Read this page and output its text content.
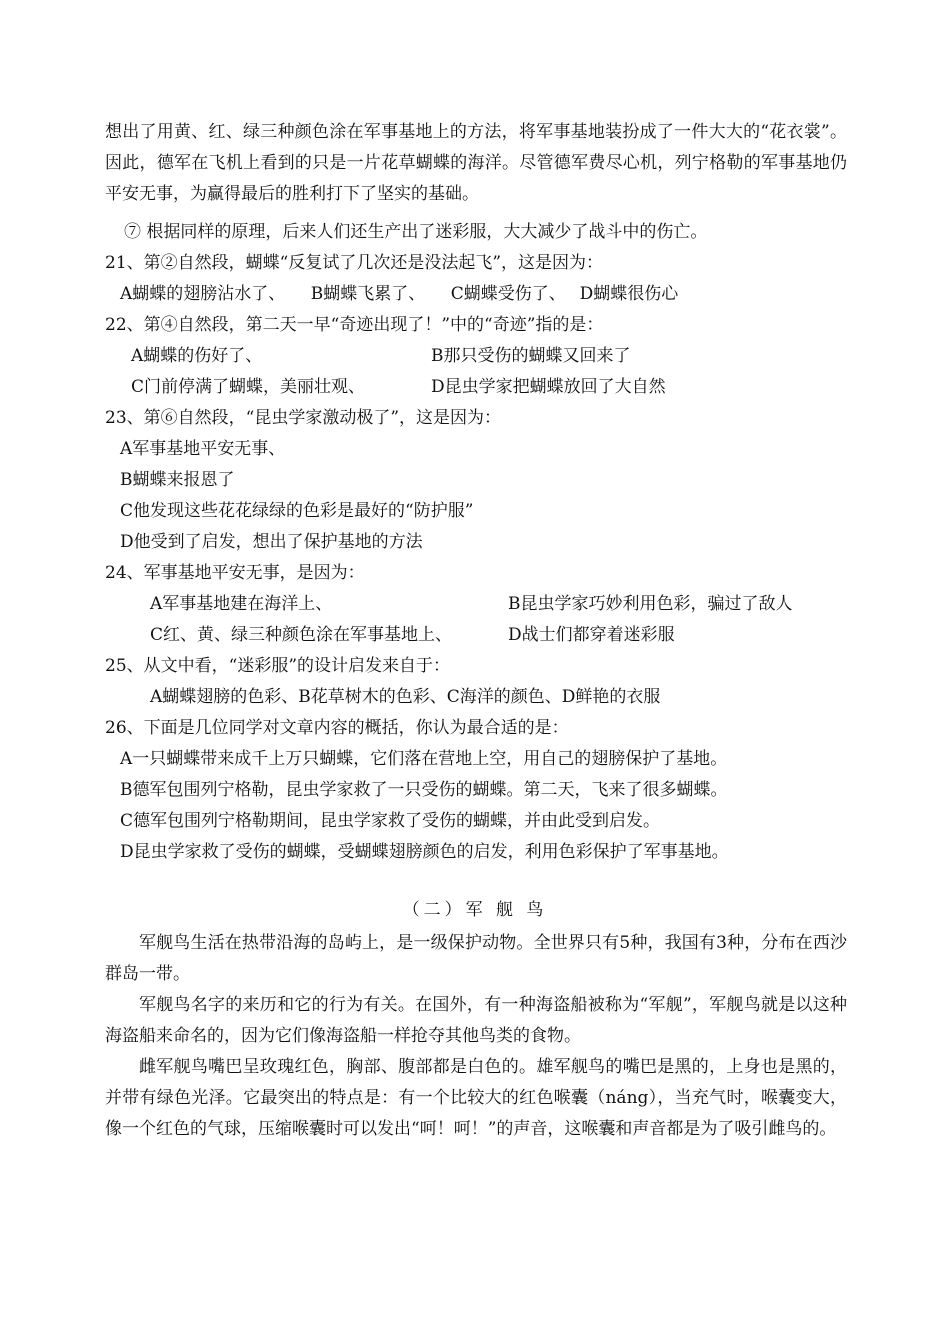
想出了用黄、红、绿三种颜色涂在军事基地上的方法，将军事基地装扮成了一件大大的“花衣裳”。因此，德军在飞机上看到的只是一片花草蝴蝶的海洋。尽管德军费尽心机，列宁格勒的军事基地仍平安无事，为赢得最后的胜利打下了坚实的基础。
⑦ 根据同样的原理，后来人们还生产出了迷彩服，大大减少了战斗中的伤亡。
21、第②自然段，蝴蝶“反复试了几次还是没法起飞”，这是因为：
A蝴蝶的翅膀沾水了、　　B蝴蝶飞累了、　　C蝴蝶受伤了、　 D蝴蝶很伤心
22、第④自然段，第二天一早“奇迹出现了！”中的“奇迹”指的是：
A蝴蝶的伤好了、	B那只受伤的蝴蝶又回来了
C门前停满了蝴蝶，美丽壮观、	D昆虫学家把蝴蝶放回了大自然
23、第⑥自然段，“昆虫学家激动极了”，这是因为：
A军事基地平安无事、
B蝴蝶来报恩了
C他发现这些花花绿绿的色彩是最好的“防护服”
D他受到了启发，想出了保护基地的方法
24、军事基地平安无事，是因为：
A军事基地建在海洋上、	B昆虫学家巧妙利用色彩，骗过了敌人
C红、黄、绿三种颜色涂在军事基地上、	D战士们都穿着迷彩服
25、从文中看，“迷彩服”的设计启发来自于：
A蝴蝶翅膀的色彩、B花草树木的色彩、C海洋的颜色、D鲜艳的衣服
26、下面是几位同学对文章内容的概括，你认为最合适的是：
A一只蝴蝶带来成千上万只蝴蝶，它们落在营地上空，用自己的翅膀保护了基地。
B德军包围列宁格勒，昆虫学家救了一只受伤的蝴蝶。第二天，飞来了很多蝴蝶。
C德军包围列宁格勒期间，昆虫学家救了受伤的蝴蝶，并由此受到启发。
D昆虫学家救了受伤的蝴蝶，受蝴蝶翅膀颜色的启发，利用色彩保护了军事基地。
（二）军 舰 鸟
军舰鸟生活在热带沿海的岛屿上，是一级保护动物。全世界只有5种，我国有3种，分布在西沙群岛一带。
军舰鸟名字的来历和它的行为有关。在国外，有一种海盗船被称为“军舰”，军舰鸟就是以这种海盗船来命名的，因为它们像海盗船一样抢夺其他鸟类的食物。
雌军舰鸟嘴巴呈玫瑰红色，胸部、腹部都是白色的。雄军舰鸟的嘴巴是黑的，上身也是黑的，并带有绿色光泽。它最突出的特点是：有一个比较大的红色喉囊（náng），当充气时，喉囊变大，像一个红色的气球，压缩喉囊时可以发出“呵！呵！”的声音，这喉囊和声音都是为了吸引雌鸟的。
